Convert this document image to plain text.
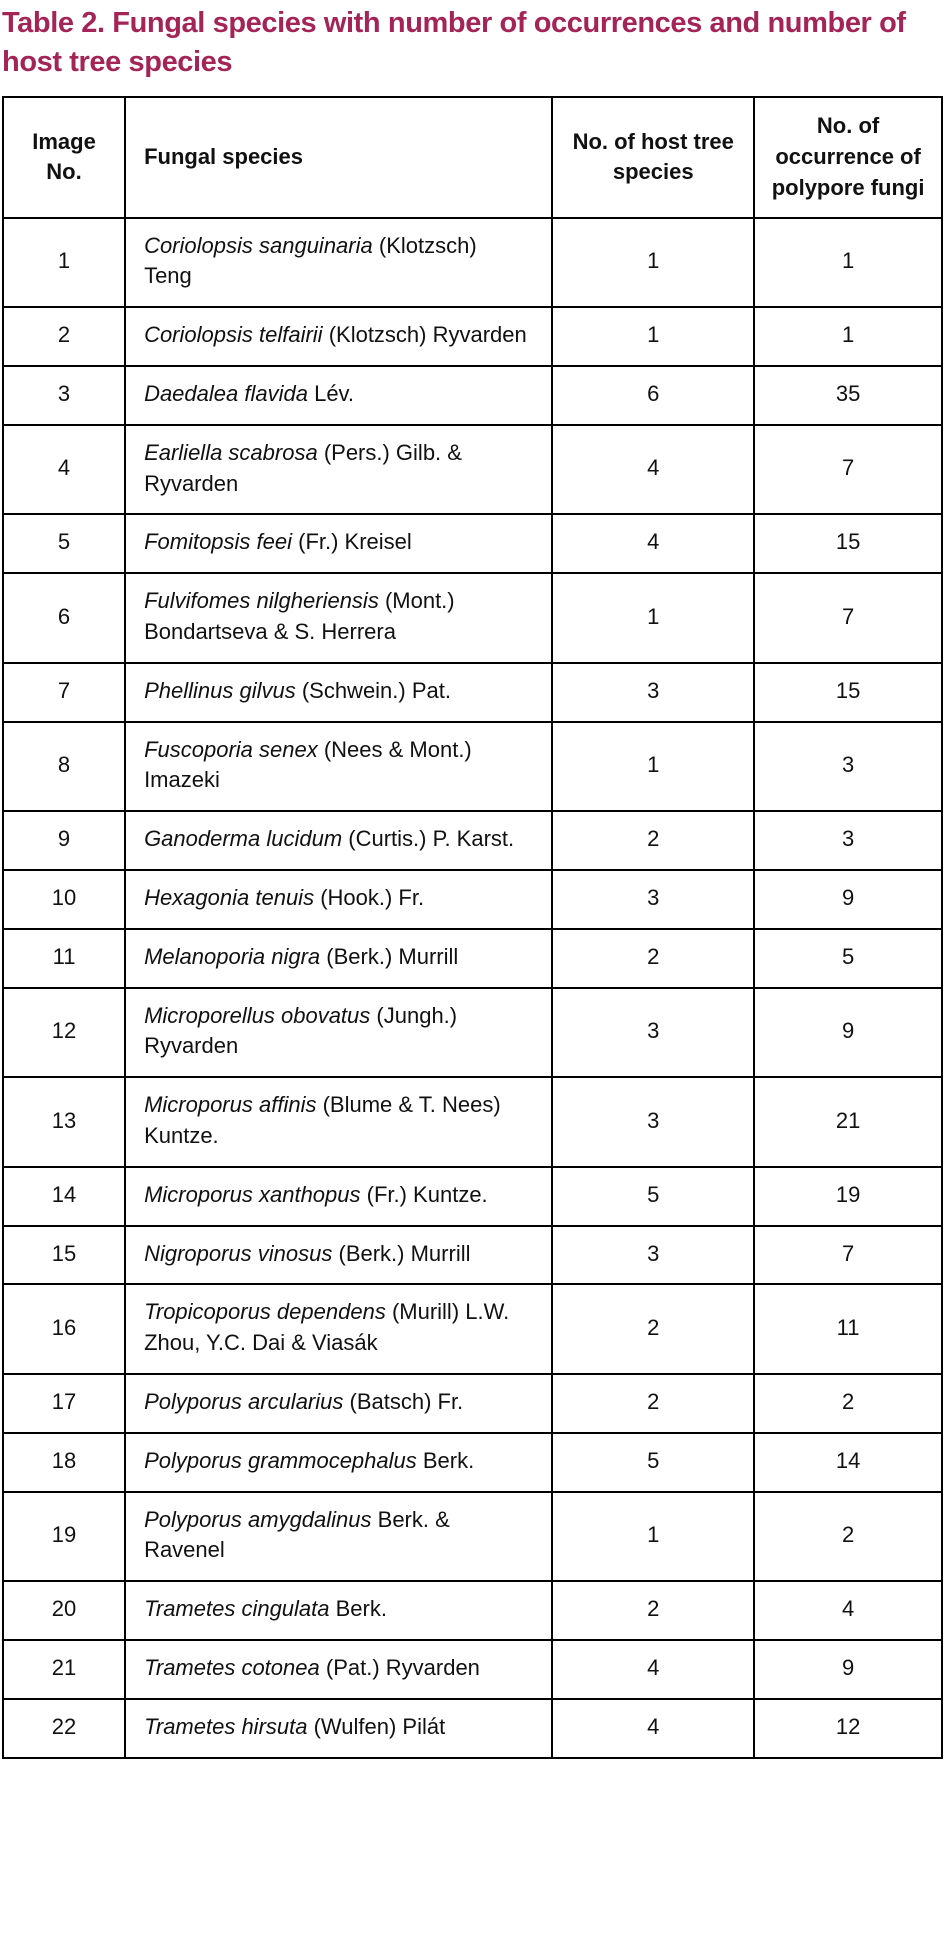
Table 2. Fungal species with number of occurrences and number of host tree species
Image No.	Fungal species	No. of host tree species	No. of occurrence of polypore fungi
1	Coriolopsis sanguinaria (Klotzsch) Teng	1	1
2	Coriolopsis telfairii (Klotzsch) Ryvarden	1	1
3	Daedalea flavida Lév.	6	35
4	Earliella scabrosa (Pers.) Gilb. & Ryvarden	4	7
5	Fomitopsis feei (Fr.) Kreisel	4	15
6	Fulvifomes nilgheriensis (Mont.) Bondartseva & S. Herrera	1	7
7	Phellinus gilvus (Schwein.) Pat.	3	15
8	Fuscoporia senex (Nees & Mont.) Imazeki	1	3
9	Ganoderma lucidum (Curtis.) P. Karst.	2	3
10	Hexagonia tenuis (Hook.) Fr.	3	9
11	Melanoporia nigra (Berk.) Murrill	2	5
12	Microporellus obovatus (Jungh.) Ryvarden	3	9
13	Microporus affinis (Blume & T. Nees) Kuntze.	3	21
14	Microporus xanthopus (Fr.) Kuntze.	5	19
15	Nigroporus vinosus (Berk.) Murrill	3	7
16	Tropicoporus dependens (Murill) L.W. Zhou, Y.C. Dai & Viasák	2	11
17	Polyporus arcularius (Batsch) Fr.	2	2
18	Polyporus grammocephalus Berk.	5	14
19	Polyporus amygdalinus Berk. & Ravenel	1	2
20	Trametes cingulata Berk.	2	4
21	Trametes cotonea (Pat.) Ryvarden	4	9
22	Trametes hirsuta (Wulfen) Pilát	4	12
